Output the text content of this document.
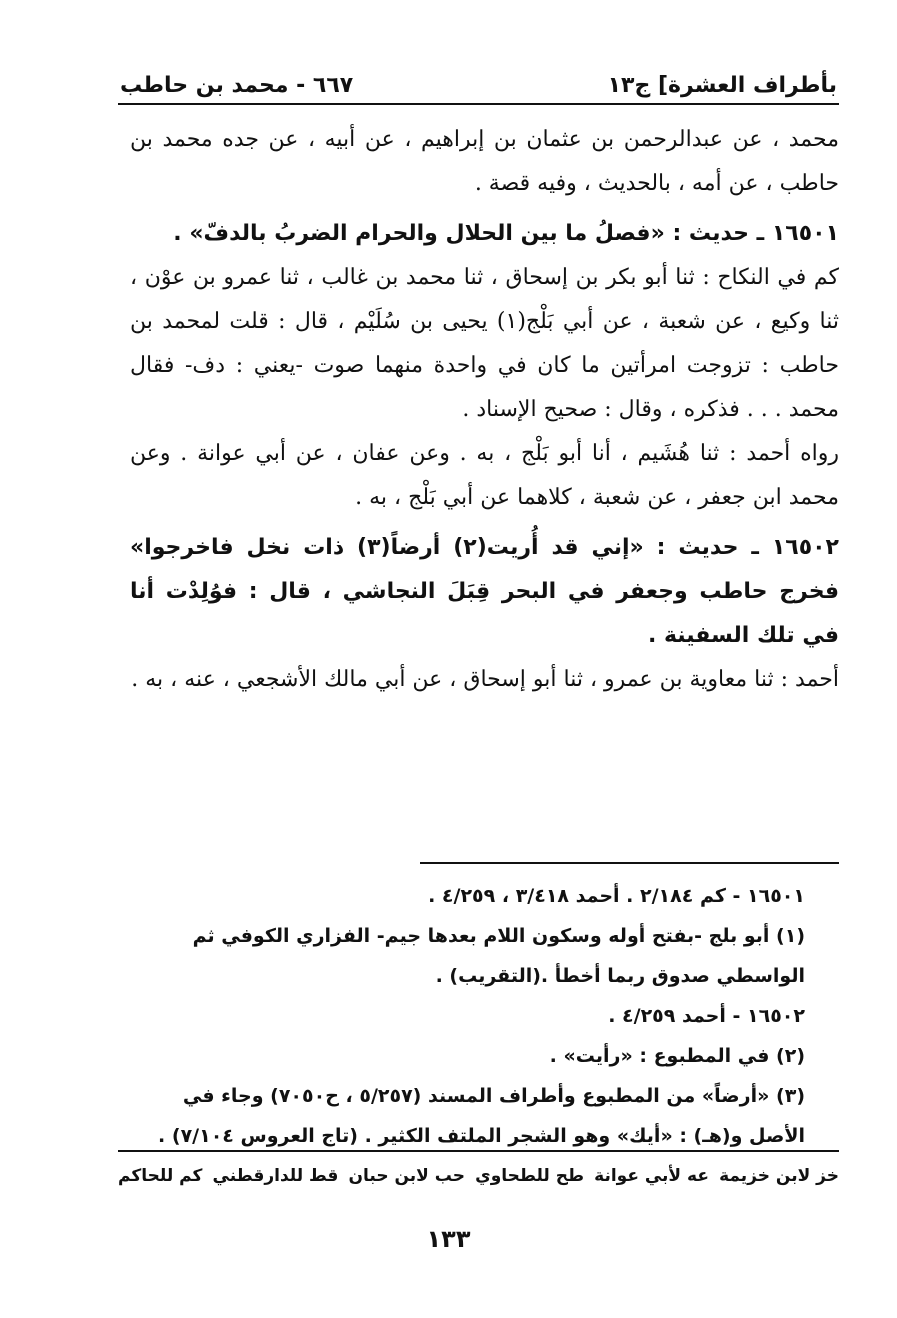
بأطراف العشرة] ج١٣
٦٦٧ - محمد بن حاطب

محمد ، عن عبدالرحمن بن عثمان بن إبراهيم ، عن أبيه ، عن جده محمد بن حاطب ، عن أمه ، بالحديث ، وفيه قصة .

١٦٥٠١ ـ حديث : «فصلُ ما بين الحلال والحرام الضربُ بالدفّ» .

كم في النكاح : ثنا أبو بكر بن إسحاق ، ثنا محمد بن غالب ، ثنا عمرو بن عوْن ، ثنا وكيع ، عن شعبة ، عن أبي بَلْج(١) يحيى بن سُلَيْم ، قال : قلت لمحمد بن حاطب : تزوجت امرأتين ما كان في واحدة منهما صوت -يعني : دف- فقال محمد . . . فذكره ، وقال : صحيح الإسناد .

رواه أحمد : ثنا هُشَيم ، أنا أبو بَلْج ، به . وعن عفان ، عن أبي عوانة . وعن محمد ابن جعفر ، عن شعبة ، كلاهما عن أبي بَلْج ، به .

١٦٥٠٢ ـ حديث : «إني قد أُريت(٢) أرضاً(٣) ذات نخل فاخرجوا» فخرج حاطب وجعفر في البحر قِبَلَ النجاشي ، قال : فوُلِدْت أنا في تلك السفينة .

أحمد : ثنا معاوية بن عمرو ، ثنا أبو إسحاق ، عن أبي مالك الأشجعي ، عنه ، به .

١٦٥٠١ - كم ٢/١٨٤ . أحمد ٣/٤١٨ ، ٤/٢٥٩ .

(١) أبو بلج -بفتح أوله وسكون اللام بعدها جيم- الفزاري الكوفي ثم الواسطي صدوق ربما أخطأ .(التقريب) .

١٦٥٠٢ - أحمد ٤/٢٥٩ .

(٢) في المطبوع : «رأيت» .

(٣) «أرضاً» من المطبوع وأطراف المسند (٥/٢٥٧ ، ح٧٠٥٠) وجاء في الأصل و(هـ) : «أيك» وهو الشجر الملتف الكثير . (تاج العروس ٧/١٠٤) .

خز لابن خزيمة
عه لأبي عوانة
طح للطحاوي
حب لابن حبان
قط للدارقطني
كم للحاكم
١٣٣
